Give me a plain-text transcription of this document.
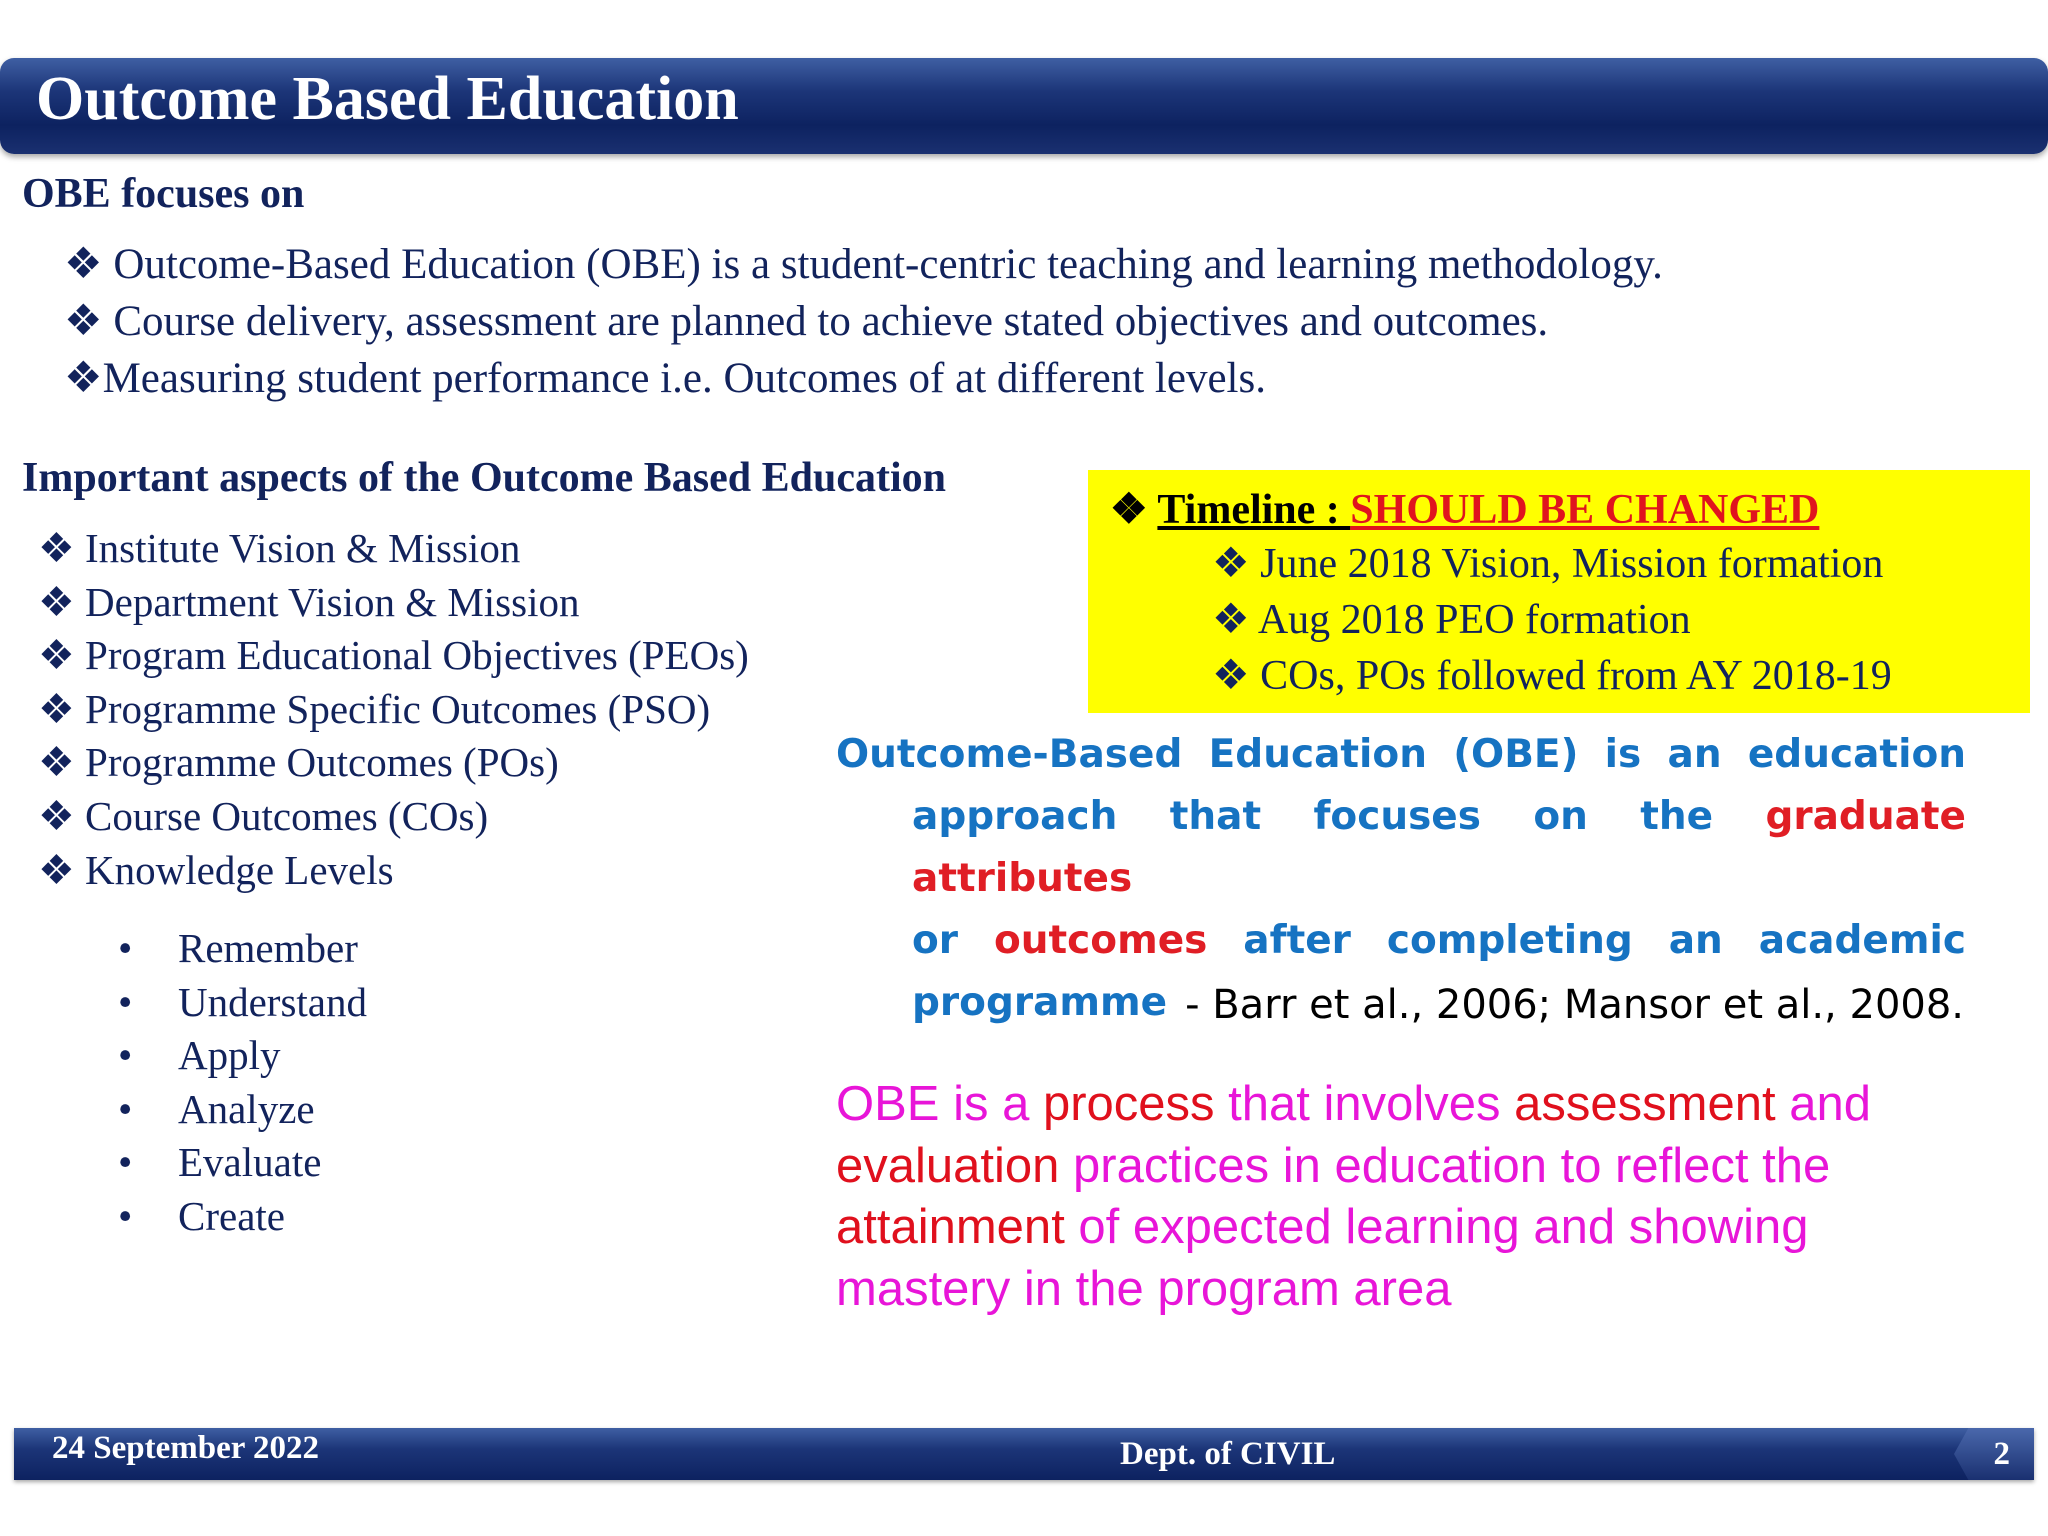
Outcome Based Education
OBE focuses on
❖ Outcome-Based Education (OBE) is a student-centric teaching and learning methodology.
❖ Course delivery, assessment are planned to achieve stated objectives and outcomes.
❖Measuring student performance i.e. Outcomes of at different levels.
Important aspects of the Outcome Based Education
❖ Institute Vision & Mission
❖ Department Vision & Mission
❖ Program Educational Objectives (PEOs)
❖ Programme Specific Outcomes (PSO)
❖ Programme Outcomes (POs)
❖ Course Outcomes (COs)
❖ Knowledge Levels
•	Remember
•	Understand
•	Apply
•	Analyze
•	Evaluate
•	Create
❖ Timeline : SHOULD BE CHANGED
❖ June 2018 Vision, Mission formation
❖ Aug 2018 PEO formation
❖ COs, POs followed from AY 2018-19
Outcome-Based Education (OBE) is an education
approach that focuses on the graduate attributes
or outcomes after completing an academic
programme - Barr et al., 2006; Mansor et al., 2008.
OBE is a process that involves assessment and
evaluation practices in education to reflect the
attainment of expected learning and showing
mastery in the program area
24 September 2022	Dept. of CIVIL	2
